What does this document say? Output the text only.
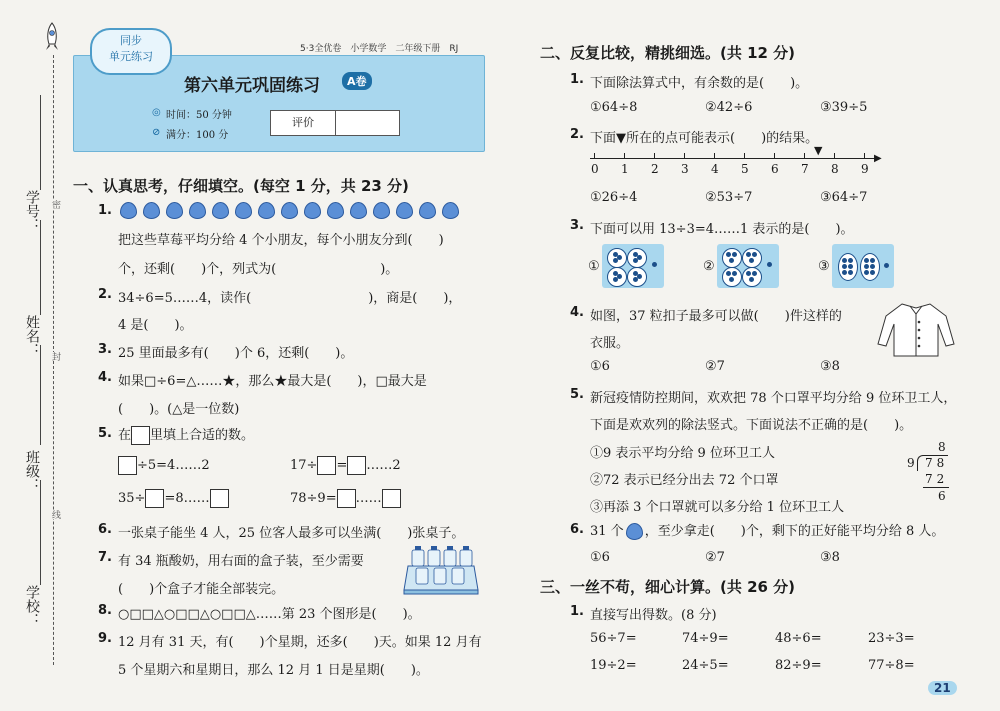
学号：
姓名：
班级：
学校：
密
封
线
5·3全优卷　小学数学　二年级下册　RJ
第六单元巩固练习	A卷
◎ 时间：50 分钟
⊘ 满分：100 分
同步
单元练习
评价
一、认真思考，仔细填空。(每空 1 分，共 23 分)
1.
把这些草莓平均分给 4 个小朋友，每个小朋友分到(　　)
个，还剩(　　)个，列式为(　　　　　　　　)。
2. 34÷6=5……4，读作(　　　　　　　　　)，商是(　　)，
4 是(　　)。
3. 25 里面最多有(　　)个 6，还剩(　　)。
4. 如果□÷6=△……★，那么★最大是(　　)，□最大是
(　　)。(△是一位数)
5. 在 里填上合适的数。
÷5=4……2	17÷ = ……2
35÷ =8……	78÷9= ……
6. 一张桌子能坐 4 人，25 位客人最多可以坐满(　　)张桌子。
7. 有 34 瓶酸奶，用右面的盒子装，至少需要
(　　)个盒子才能全部装完。
8. ○□□△○□□△○□□△……第 23 个图形是(　　)。
9. 12 月有 31 天，有(　　)个星期，还多(　　)天。如果 12 月有
5 个星期六和星期日，那么 12 月 1 日是星期(　　)。
二、反复比较，精挑细选。(共 12 分)
1. 下面除法算式中，有余数的是(　　)。
①64÷8	②42÷6	③39÷5
2. 下面▼所在的点可能表示(　　)的结果。
▶
0 1 2 3 4 5 6 7 8 9
▼
①26÷4	②53÷7	③64÷7
3. 下面可以用 13÷3=4……1 表示的是(　　)。
①	②	③
4. 如图，37 粒扣子最多可以做(　　)件这样的
衣服。
①6	②7	③8
5. 新冠疫情防控期间，欢欢把 78 个口罩平均分给 9 位环卫工人，
下面是欢欢列的除法竖式。下面说法不正确的是(　　)。
①9 表示平均分给 9 位环卫工人
②72 表示已经分出去 72 个口罩
③再添 3 个口罩就可以多分给 1 位环卫工人
8
9 78
72
6
6. 31 个 ，至少拿走(　　)个，剩下的正好能平均分给 8 人。
①6	②7	③8
三、一丝不苟，细心计算。(共 26 分)
1. 直接写出得数。(8 分)
56÷7=	74÷9=	48÷6=	23÷3=
19÷2=	24÷5=	82÷9=	77÷8=
21
